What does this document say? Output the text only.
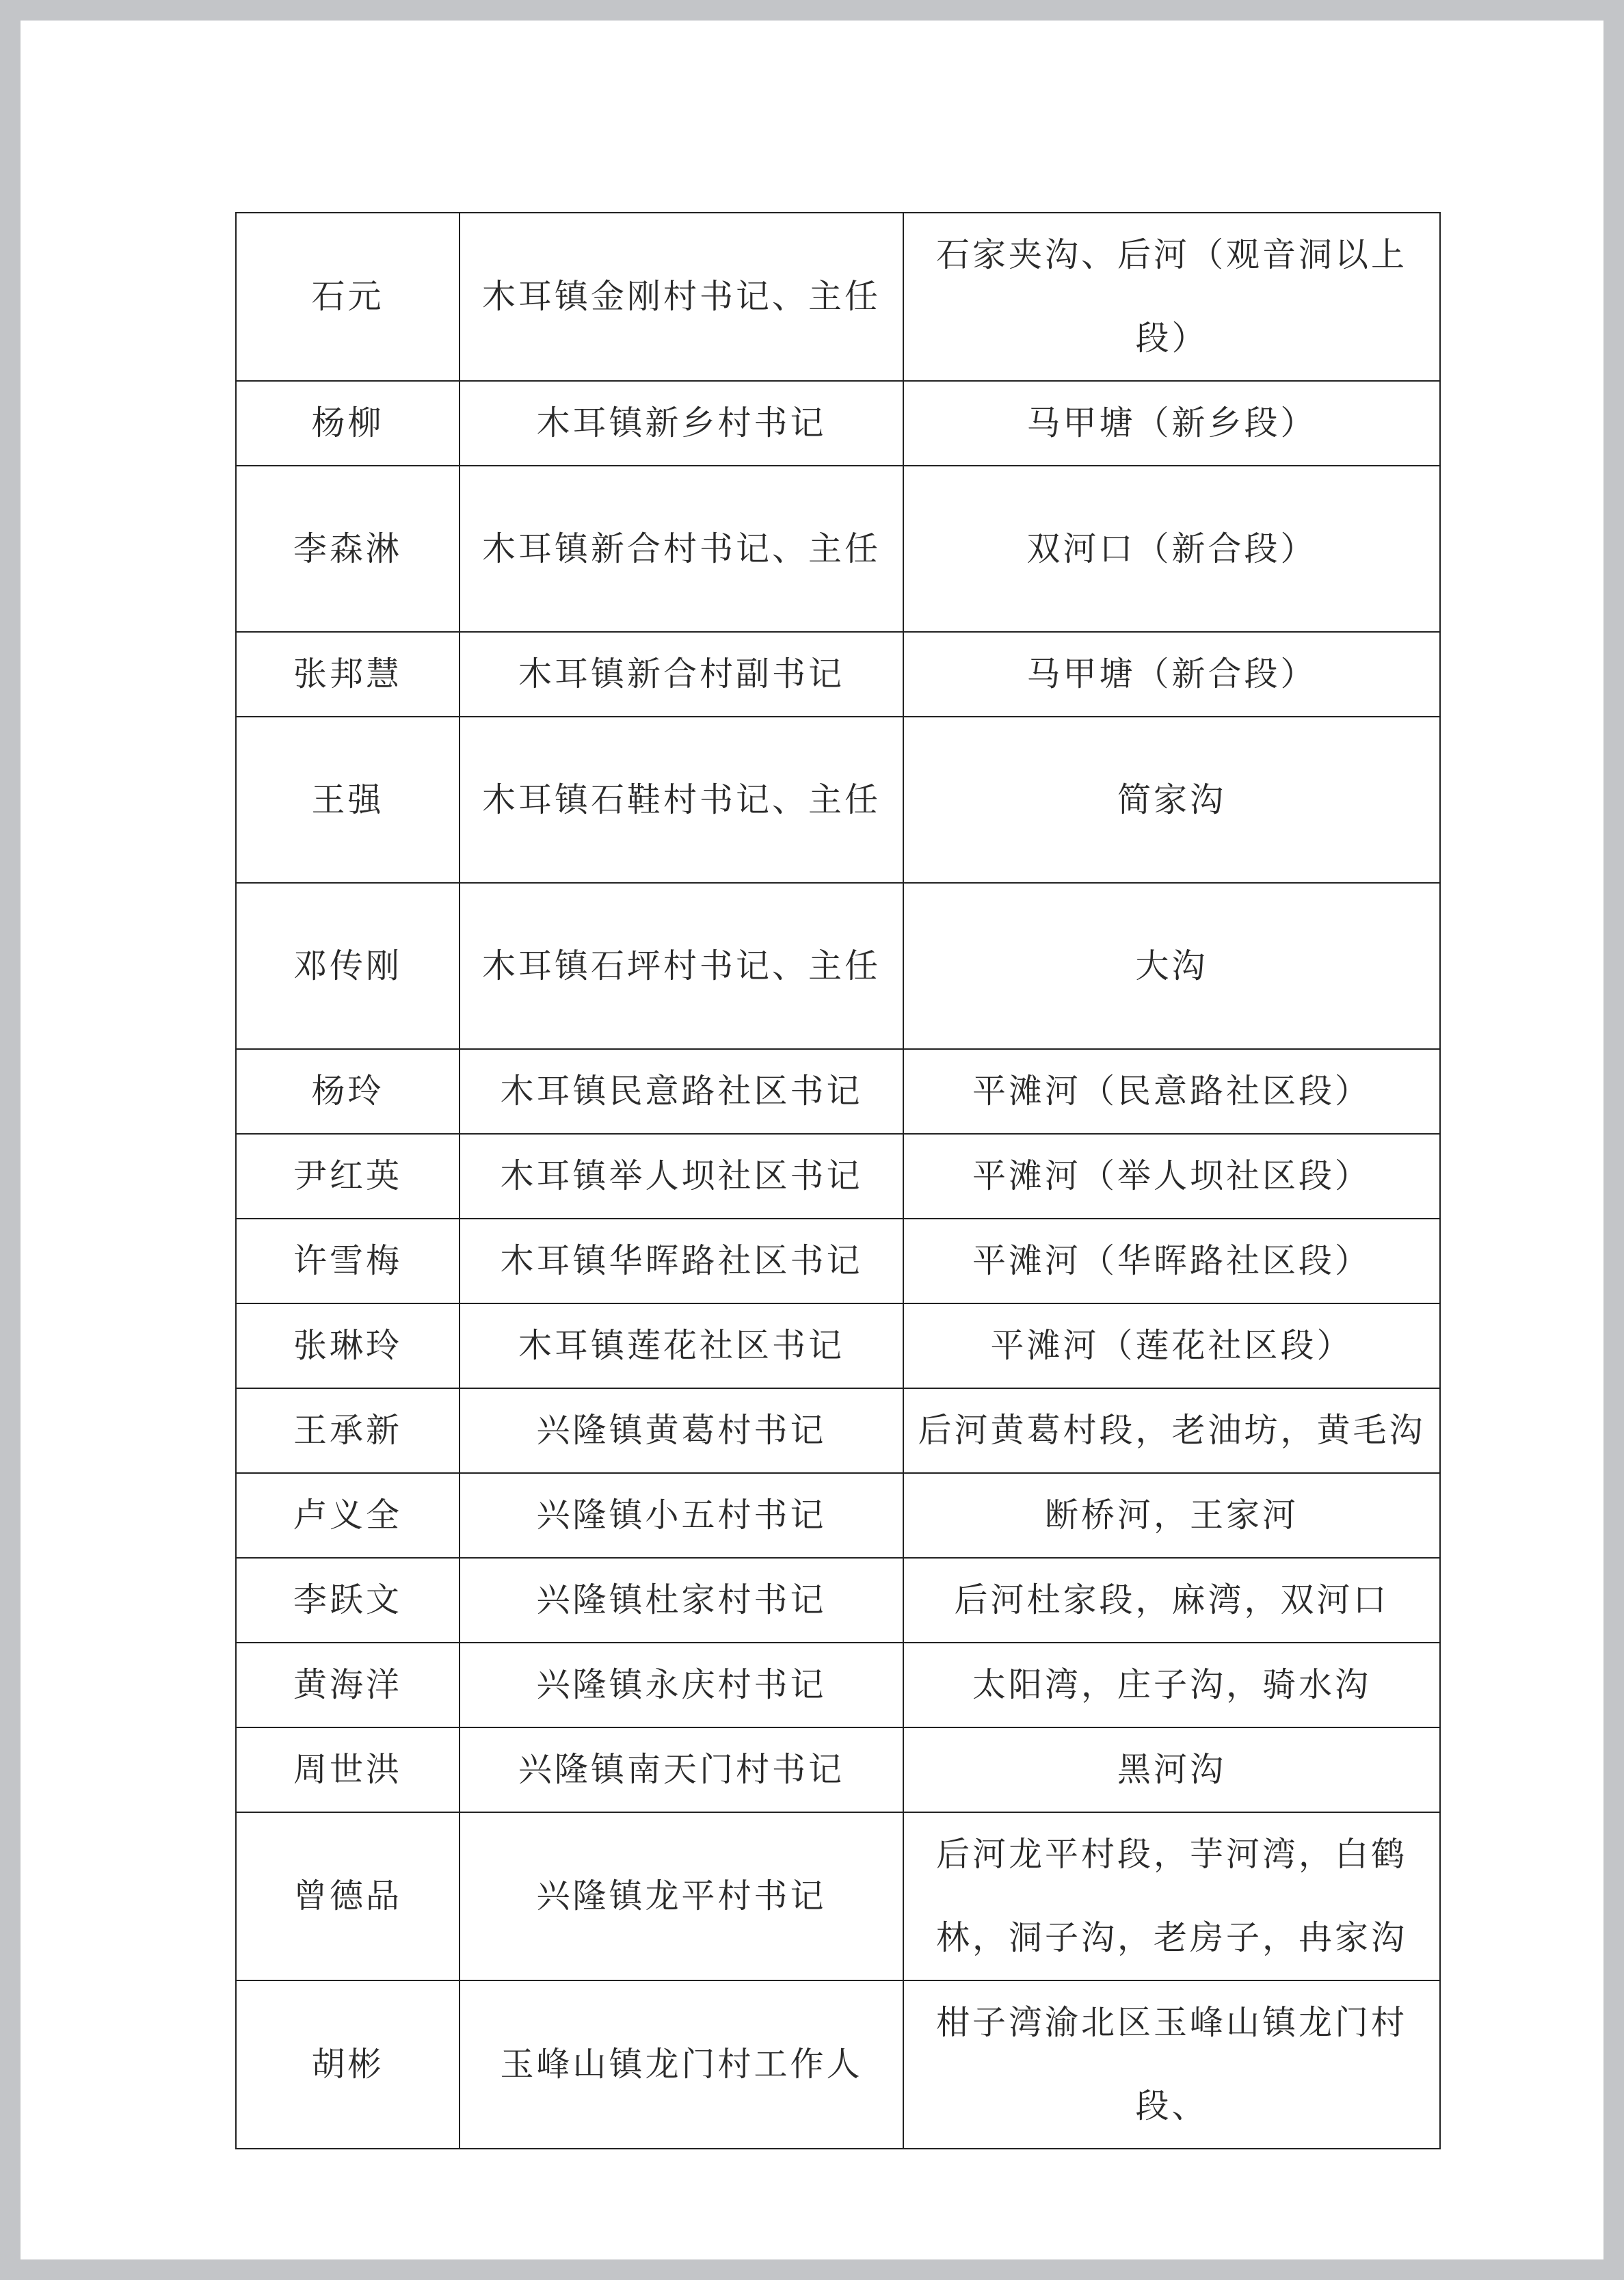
石元	木耳镇金刚村书记、主任	石家夹沟、后河（观音洞以上段）
杨柳	木耳镇新乡村书记	马甲塘（新乡段）
李森淋	木耳镇新合村书记、主任	双河口（新合段）
张邦慧	木耳镇新合村副书记	马甲塘（新合段）
王强	木耳镇石鞋村书记、主任	简家沟
邓传刚	木耳镇石坪村书记、主任	大沟
杨玲	木耳镇民意路社区书记	平滩河（民意路社区段）
尹红英	木耳镇举人坝社区书记	平滩河（举人坝社区段）
许雪梅	木耳镇华晖路社区书记	平滩河（华晖路社区段）
张琳玲	木耳镇莲花社区书记	平滩河（莲花社区段）
王承新	兴隆镇黄葛村书记	后河黄葛村段，老油坊，黄毛沟
卢义全	兴隆镇小五村书记	断桥河，王家河
李跃文	兴隆镇杜家村书记	后河杜家段，麻湾，双河口
黄海洋	兴隆镇永庆村书记	太阳湾，庄子沟，骑水沟
周世洪	兴隆镇南天门村书记	黑河沟
曾德品	兴隆镇龙平村书记	后河龙平村段，芋河湾，白鹤林，洞子沟，老房子，冉家沟
胡彬	玉峰山镇龙门村工作人	柑子湾渝北区玉峰山镇龙门村段、
